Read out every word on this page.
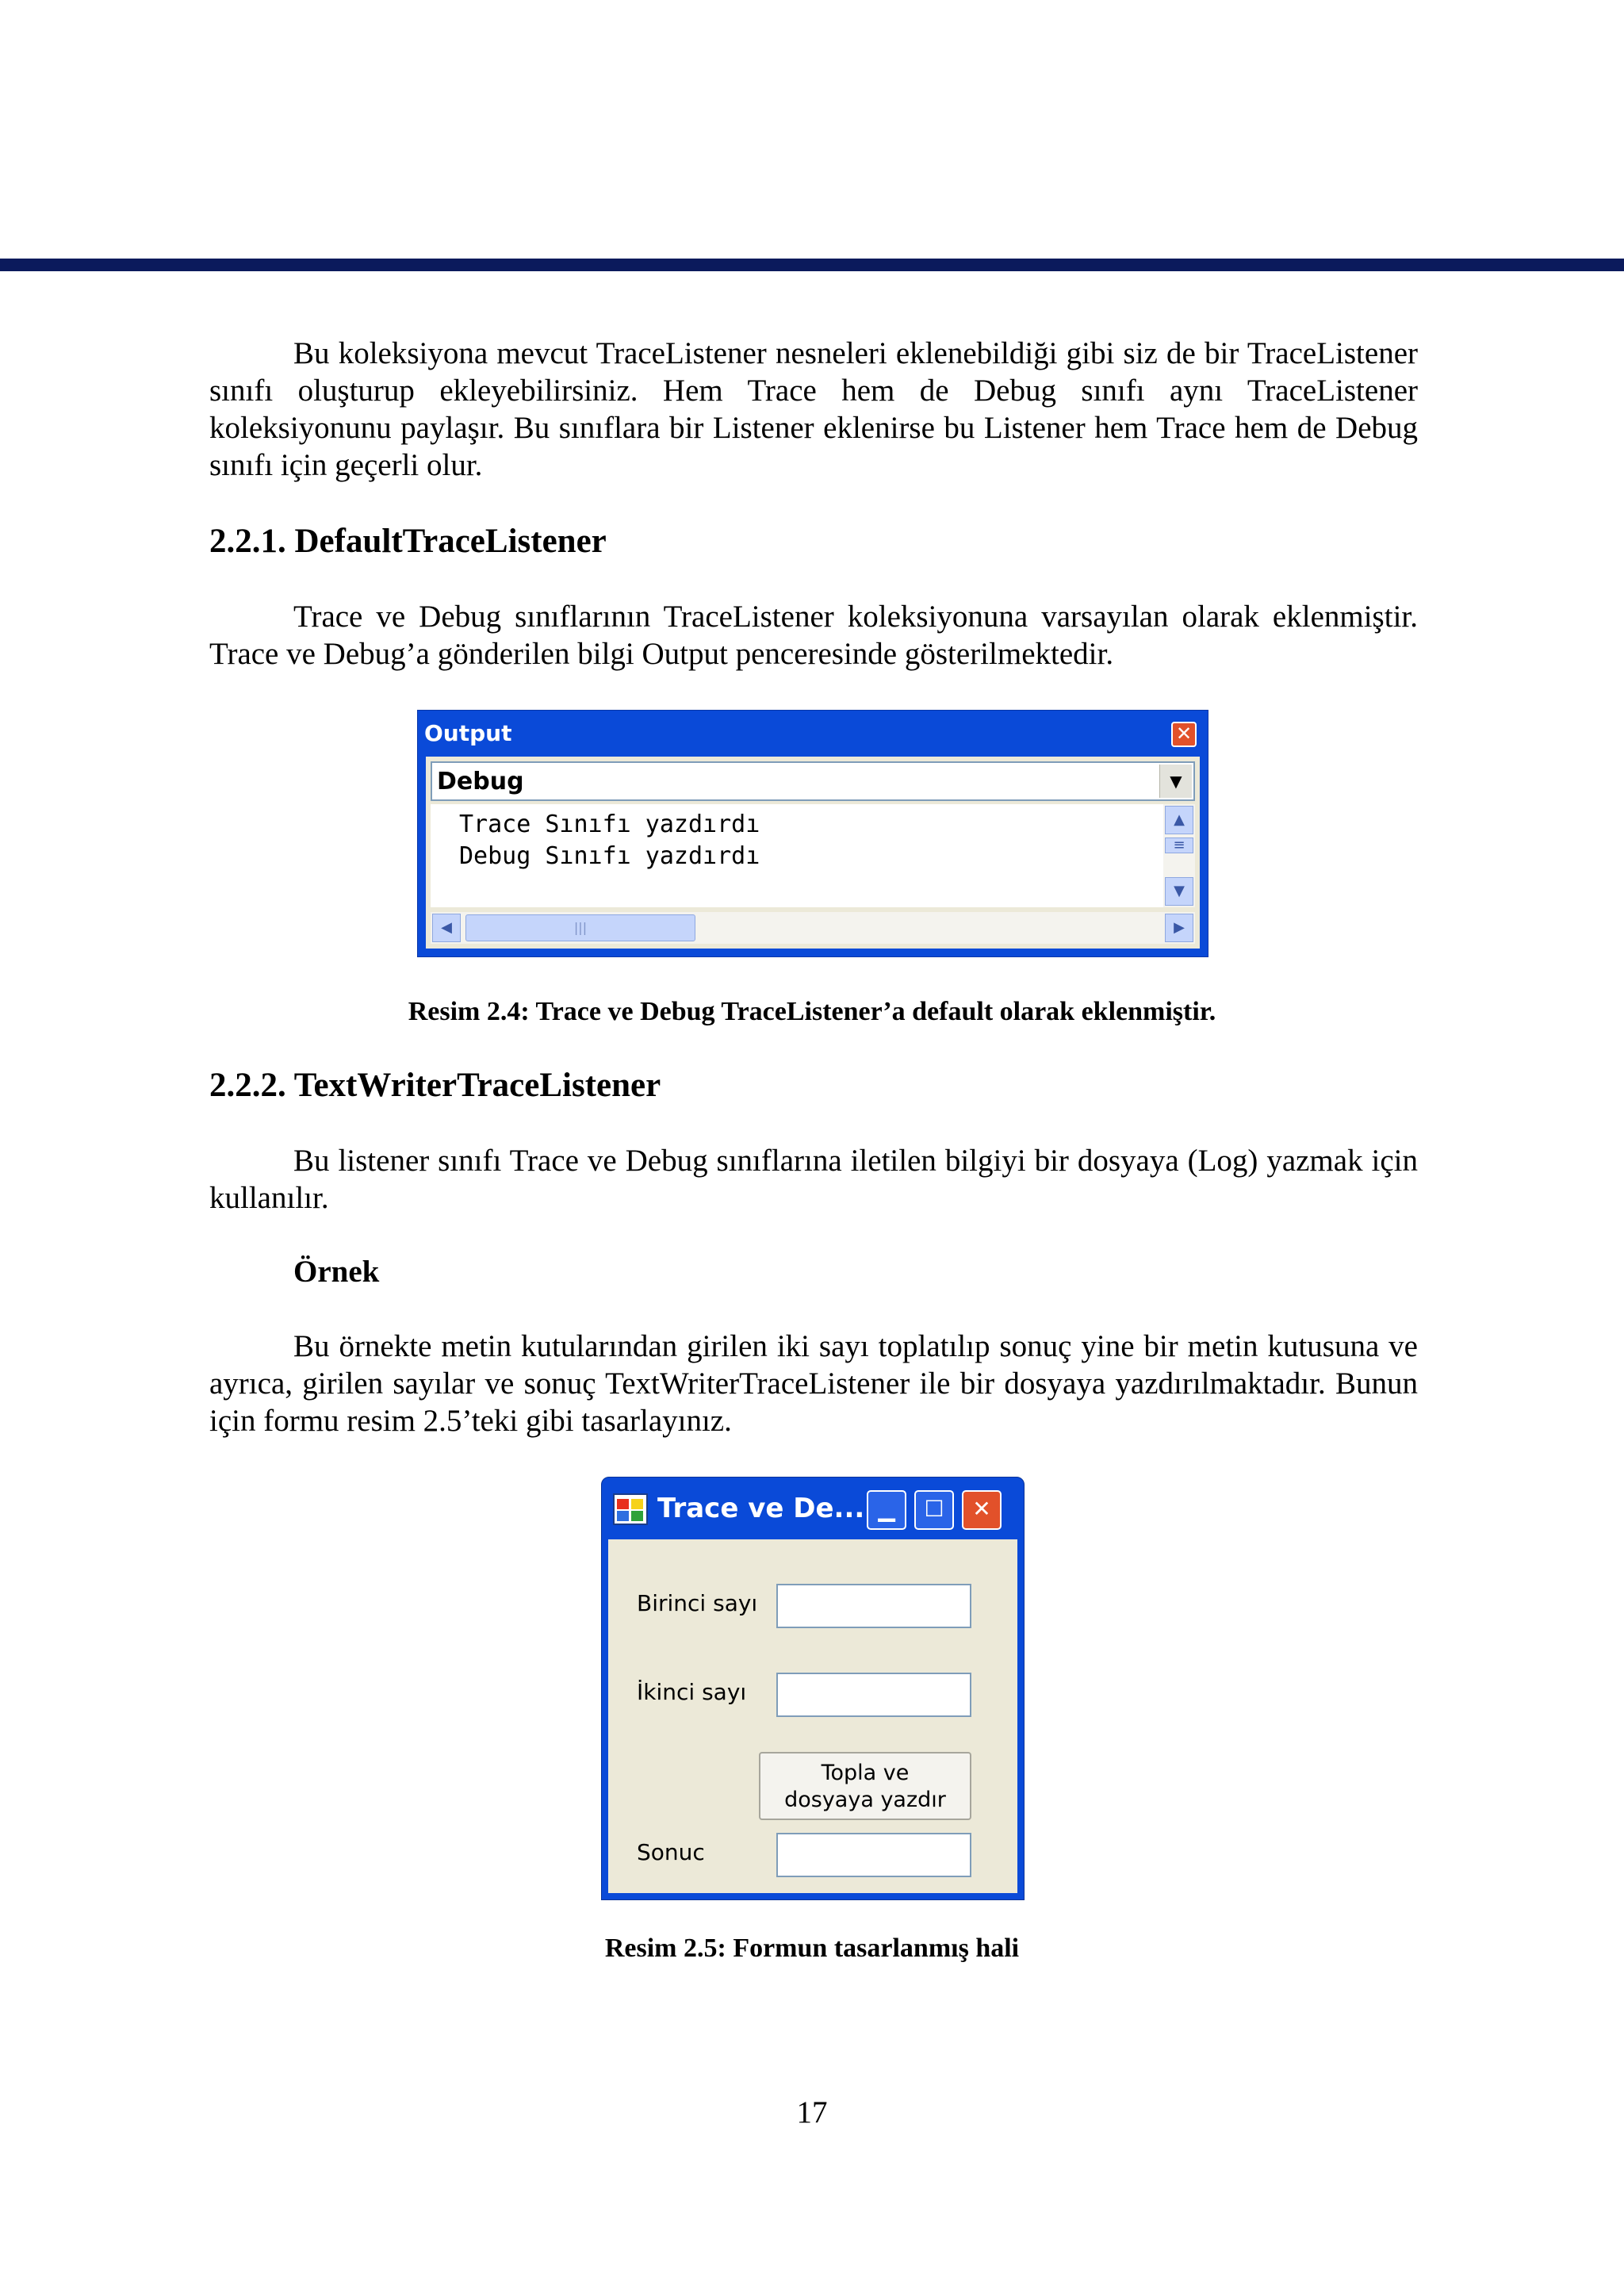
Bu koleksiyona mevcut TraceListener nesneleri eklenebildiği gibi siz de bir TraceListener sınıfı oluşturup ekleyebilirsiniz. Hem Trace hem de Debug sınıfı aynı TraceListener koleksiyonunu paylaşır. Bu sınıflara bir Listener eklenirse bu Listener hem Trace hem de Debug sınıfı için geçerli olur.

2.2.1. DefaultTraceListener

Trace ve Debug sınıflarının TraceListener koleksiyonuna varsayılan olarak eklenmiştir. Trace ve Debug’a gönderilen bilgi Output penceresinde gösterilmektedir.

Output	✕
Debug	▼
Trace Sınıfı yazdırdı
Debug Sınıfı yazdırdı
▲
≡
▼
◀	|||	▶

Resim 2.4: Trace ve Debug TraceListener’a default olarak eklenmiştir.

2.2.2. TextWriterTraceListener

Bu listener sınıfı Trace ve Debug sınıflarına iletilen bilgiyi bir dosyaya (Log) yazmak için kullanılır.

Örnek

Bu örnekte metin kutularından girilen iki sayı toplatılıp sonuç yine bir metin kutusuna ve ayrıca, girilen sayılar ve sonuç TextWriterTraceListener ile bir dosyaya yazdırılmaktadır. Bunun için formu resim 2.5’teki gibi tasarlayınız.

Trace ve De... ▁	☐	✕
Birinci sayı
İkinci sayı
Topla ve
dosyaya yazdır
Sonuc

Resim 2.5: Formun tasarlanmış hali

17
